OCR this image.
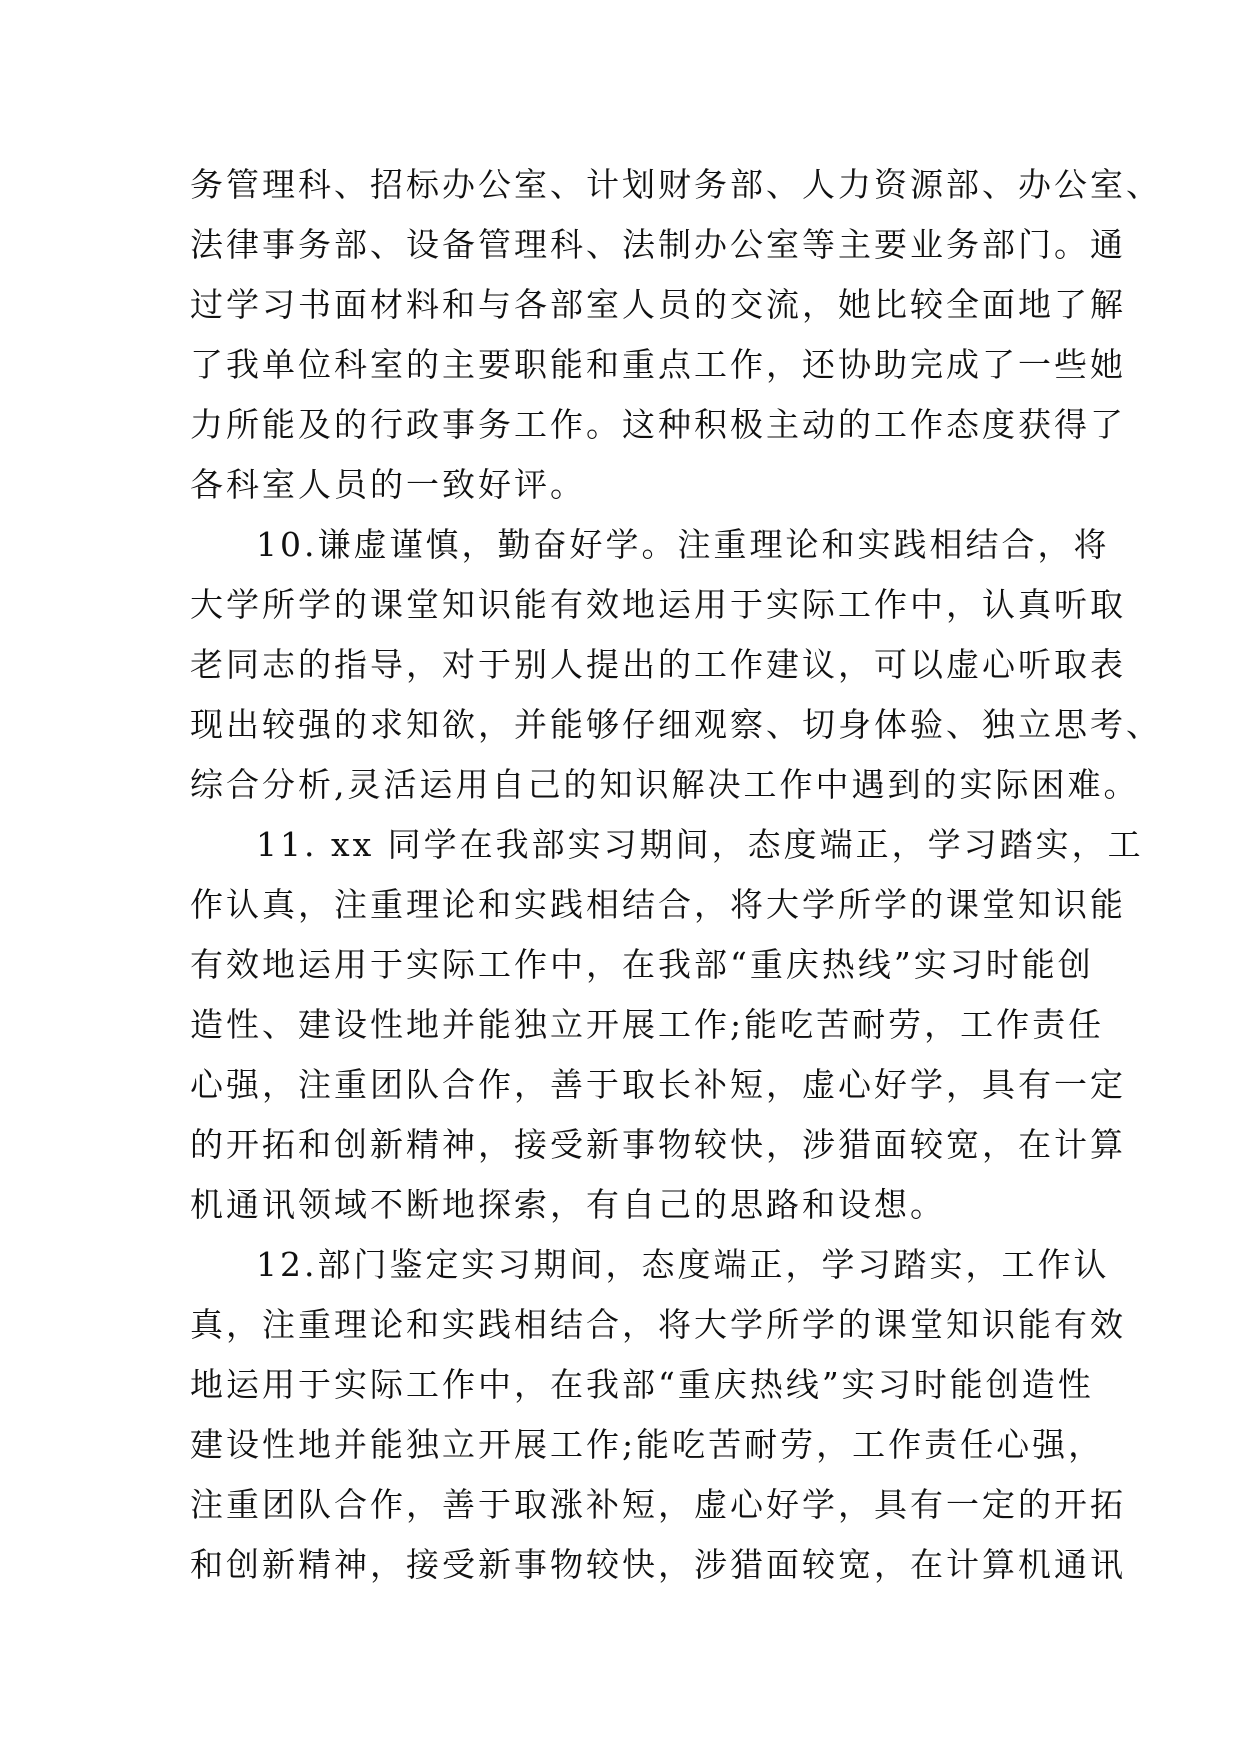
务管理科、招标办公室、计划财务部、人力资源部、办公室、
法律事务部、设备管理科、法制办公室等主要业务部门。通
过学习书面材料和与各部室人员的交流，她比较全面地了解
了我单位科室的主要职能和重点工作，还协助完成了一些她
力所能及的行政事务工作。这种积极主动的工作态度获得了
各科室人员的一致好评。
10.谦虚谨慎，勤奋好学。注重理论和实践相结合，将
大学所学的课堂知识能有效地运用于实际工作中，认真听取
老同志的指导，对于别人提出的工作建议，可以虚心听取表
现出较强的求知欲，并能够仔细观察、切身体验、独立思考、
综合分析,灵活运用自己的知识解决工作中遇到的实际困难。
11. xx 同学在我部实习期间，态度端正，学习踏实，工
作认真，注重理论和实践相结合，将大学所学的课堂知识能
有效地运用于实际工作中，在我部“重庆热线”实习时能创
造性、建设性地并能独立开展工作;能吃苦耐劳，工作责任
心强，注重团队合作，善于取长补短，虚心好学，具有一定
的开拓和创新精神，接受新事物较快，涉猎面较宽，在计算
机通讯领域不断地探索，有自己的思路和设想。
12.部门鉴定实习期间，态度端正，学习踏实，工作认
真，注重理论和实践相结合，将大学所学的课堂知识能有效
地运用于实际工作中，在我部“重庆热线”实习时能创造性
建设性地并能独立开展工作;能吃苦耐劳，工作责任心强，
注重团队合作，善于取涨补短，虚心好学，具有一定的开拓
和创新精神，接受新事物较快，涉猎面较宽，在计算机通讯
